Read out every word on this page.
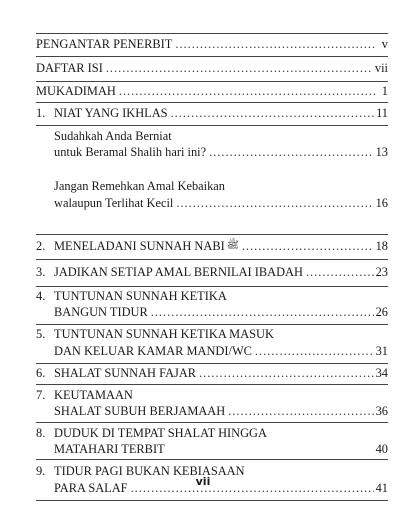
PENGANTAR PENERBIT .....	v
DAFTAR ISI .....	vii
MUKADIMAH .....	1
1. NIAT YANG IKHLAS .....	11
Sudahkah Anda Berniat
untuk Beramal Shalih hari ini? .....	13
Jangan Remehkan Amal Kebaikan
walaupun Terlihat Kecil .....	16
2. MENELADANI SUNNAH NABI ﷺ .....	18
3. JADIKAN SETIAP AMAL BERNILAI IBADAH .....	23
4. TUNTUNAN SUNNAH KETIKA
BANGUN TIDUR .....	26
5. TUNTUNAN SUNNAH KETIKA MASUK
DAN KELUAR KAMAR MANDI/WC .....	31
6. SHALAT SUNNAH FAJAR .....	34
7. KEUTAMAAN
SHALAT SUBUH BERJAMAAH .....	36
8. DUDUK DI TEMPAT SHALAT HINGGA
MATAHARI TERBIT	40
9. TIDUR PAGI BUKAN KEBIASAAN
PARA SALAF .....	41
vii
